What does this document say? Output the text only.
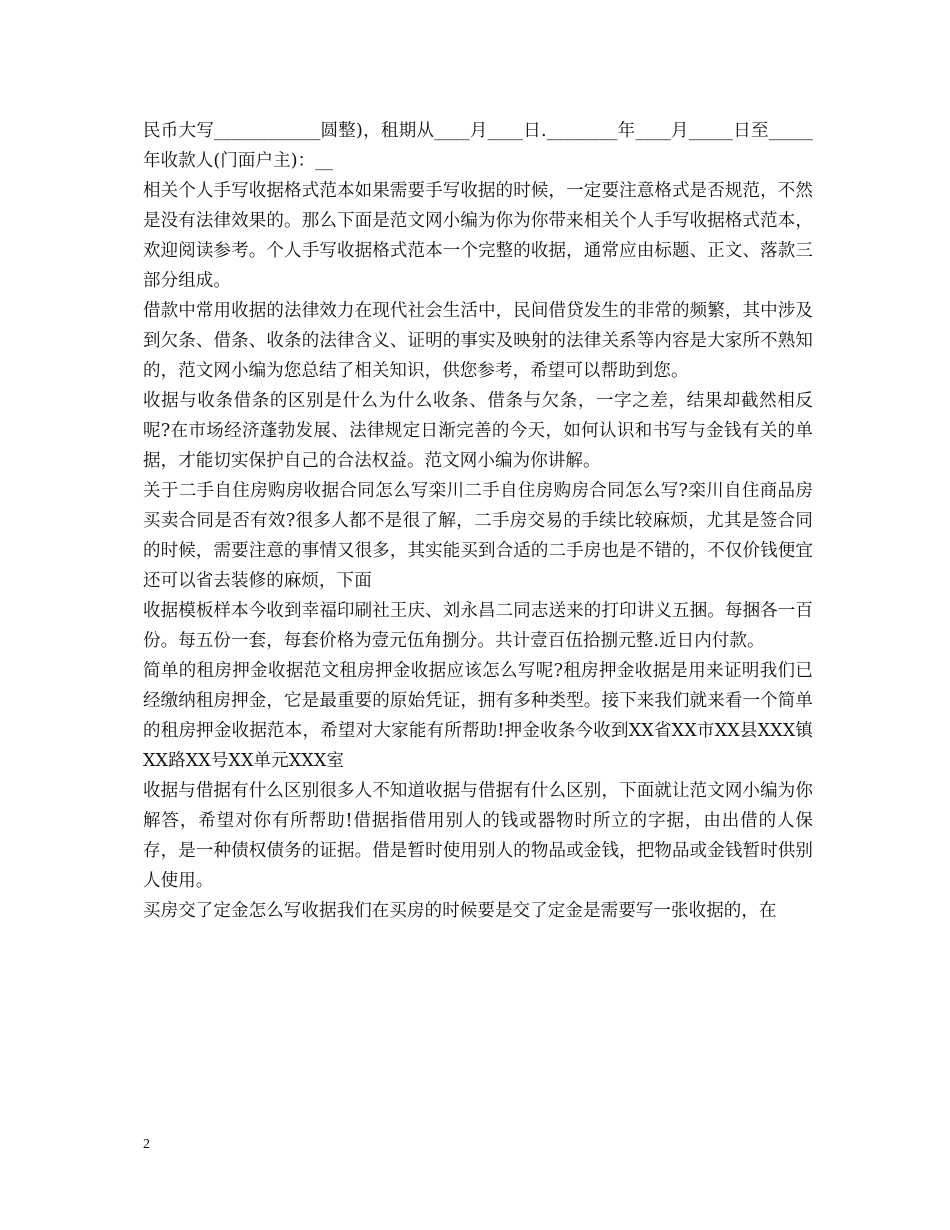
民币大写____________圆整)，租期从____月____日.________年____月_____日至_____年收款人(门面户主)：__

相关个人手写收据格式范本如果需要手写收据的时候，一定要注意格式是否规范，不然是没有法律效果的。那么下面是范文网小编为你为你带来相关个人手写收据格式范本，欢迎阅读参考。个人手写收据格式范本一个完整的收据，通常应由标题、正文、落款三部分组成。

借款中常用收据的法律效力在现代社会生活中，民间借贷发生的非常的频繁，其中涉及到欠条、借条、收条的法律含义、证明的事实及映射的法律关系等内容是大家所不熟知的，范文网小编为您总结了相关知识，供您参考，希望可以帮助到您。

收据与收条借条的区别是什么为什么收条、借条与欠条，一字之差，结果却截然相反呢?在市场经济蓬勃发展、法律规定日渐完善的今天，如何认识和书写与金钱有关的单据，才能切实保护自己的合法权益。范文网小编为你讲解。

关于二手自住房购房收据合同怎么写栾川二手自住房购房合同怎么写?栾川自住商品房买卖合同是否有效?很多人都不是很了解，二手房交易的手续比较麻烦，尤其是签合同的时候，需要注意的事情又很多，其实能买到合适的二手房也是不错的，不仅价钱便宜还可以省去装修的麻烦，下面

收据模板样本今收到幸福印刷社王庆、刘永昌二同志送来的打印讲义五捆。每捆各一百份。每五份一套，每套价格为壹元伍角捌分。共计壹百伍拾捌元整.近日内付款。

简单的租房押金收据范文租房押金收据应该怎么写呢?租房押金收据是用来证明我们已经缴纳租房押金，它是最重要的原始凭证，拥有多种类型。接下来我们就来看一个简单的租房押金收据范本，希望对大家能有所帮助!押金收条今收到XX省XX市XX县XXX镇XX路XX号XX单元XXX室

收据与借据有什么区别很多人不知道收据与借据有什么区别，下面就让范文网小编为你解答，希望对你有所帮助!借据指借用别人的钱或器物时所立的字据，由出借的人保存，是一种债权债务的证据。借是暂时使用别人的物品或金钱，把物品或金钱暂时供别人使用。

买房交了定金怎么写收据我们在买房的时候要是交了定金是需要写一张收据的，在

2
